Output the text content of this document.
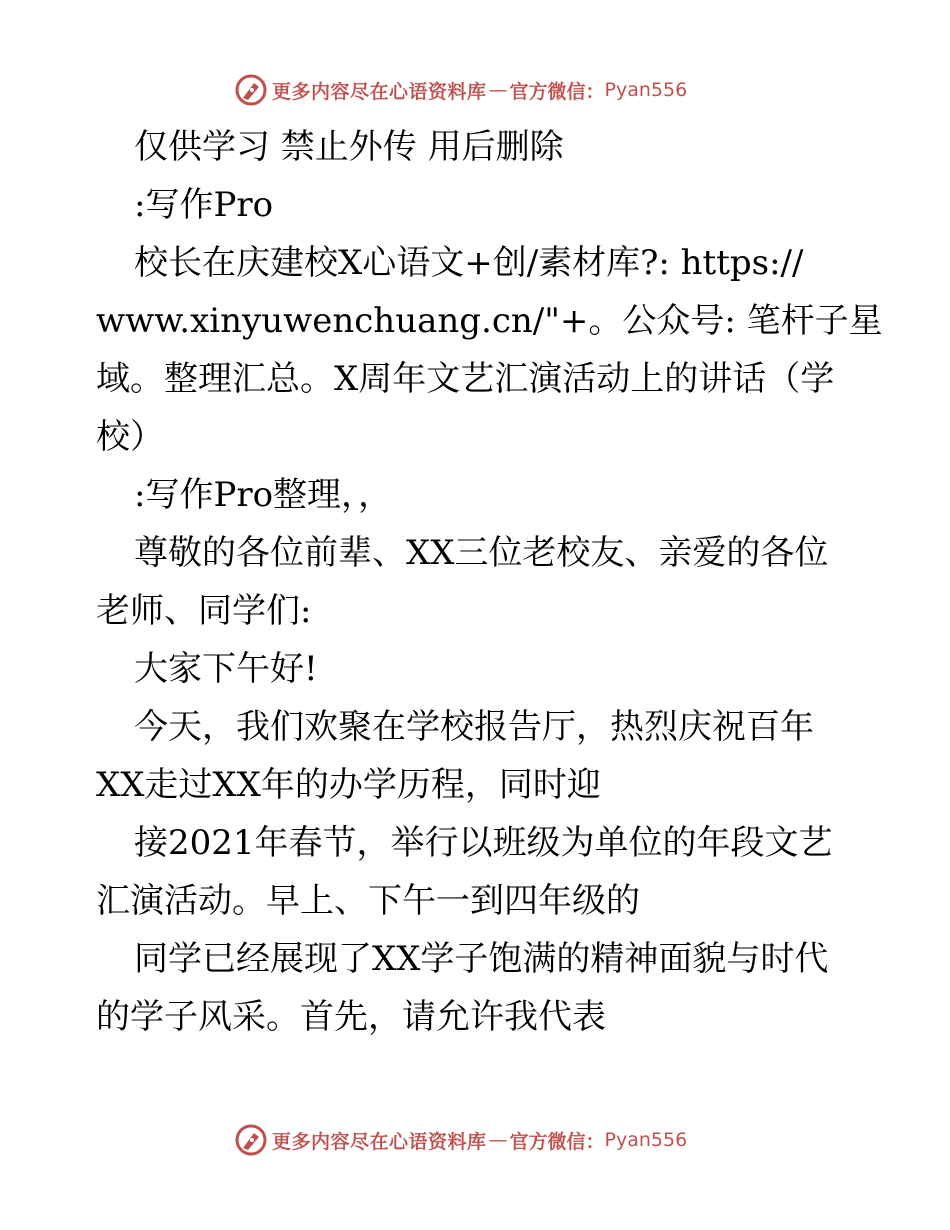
更多内容尽在心语资料库 — 官方微信： Pyan556
仅供学习 禁止外传 用后删除
:写作Pro
校长在庆建校X心语文+创/素材库?: https://
www.xinyuwenchuang.cn/"+。公众号: 笔杆子星
域。整理汇总。X周年文艺汇演活动上的讲话（学
校）
:写作Pro整理，，
尊敬的各位前辈、XX三位老校友、亲爱的各位
老师、同学们:
大家下午好!
今天，我们欢聚在学校报告厅，热烈庆祝百年
XX走过XX年的办学历程，同时迎
接2021年春节，举行以班级为单位的年段文艺
汇演活动。早上、下午一到四年级的
同学已经展现了XX学子饱满的精神面貌与时代
的学子风采。首先，请允许我代表
更多内容尽在心语资料库 — 官方微信： Pyan556
